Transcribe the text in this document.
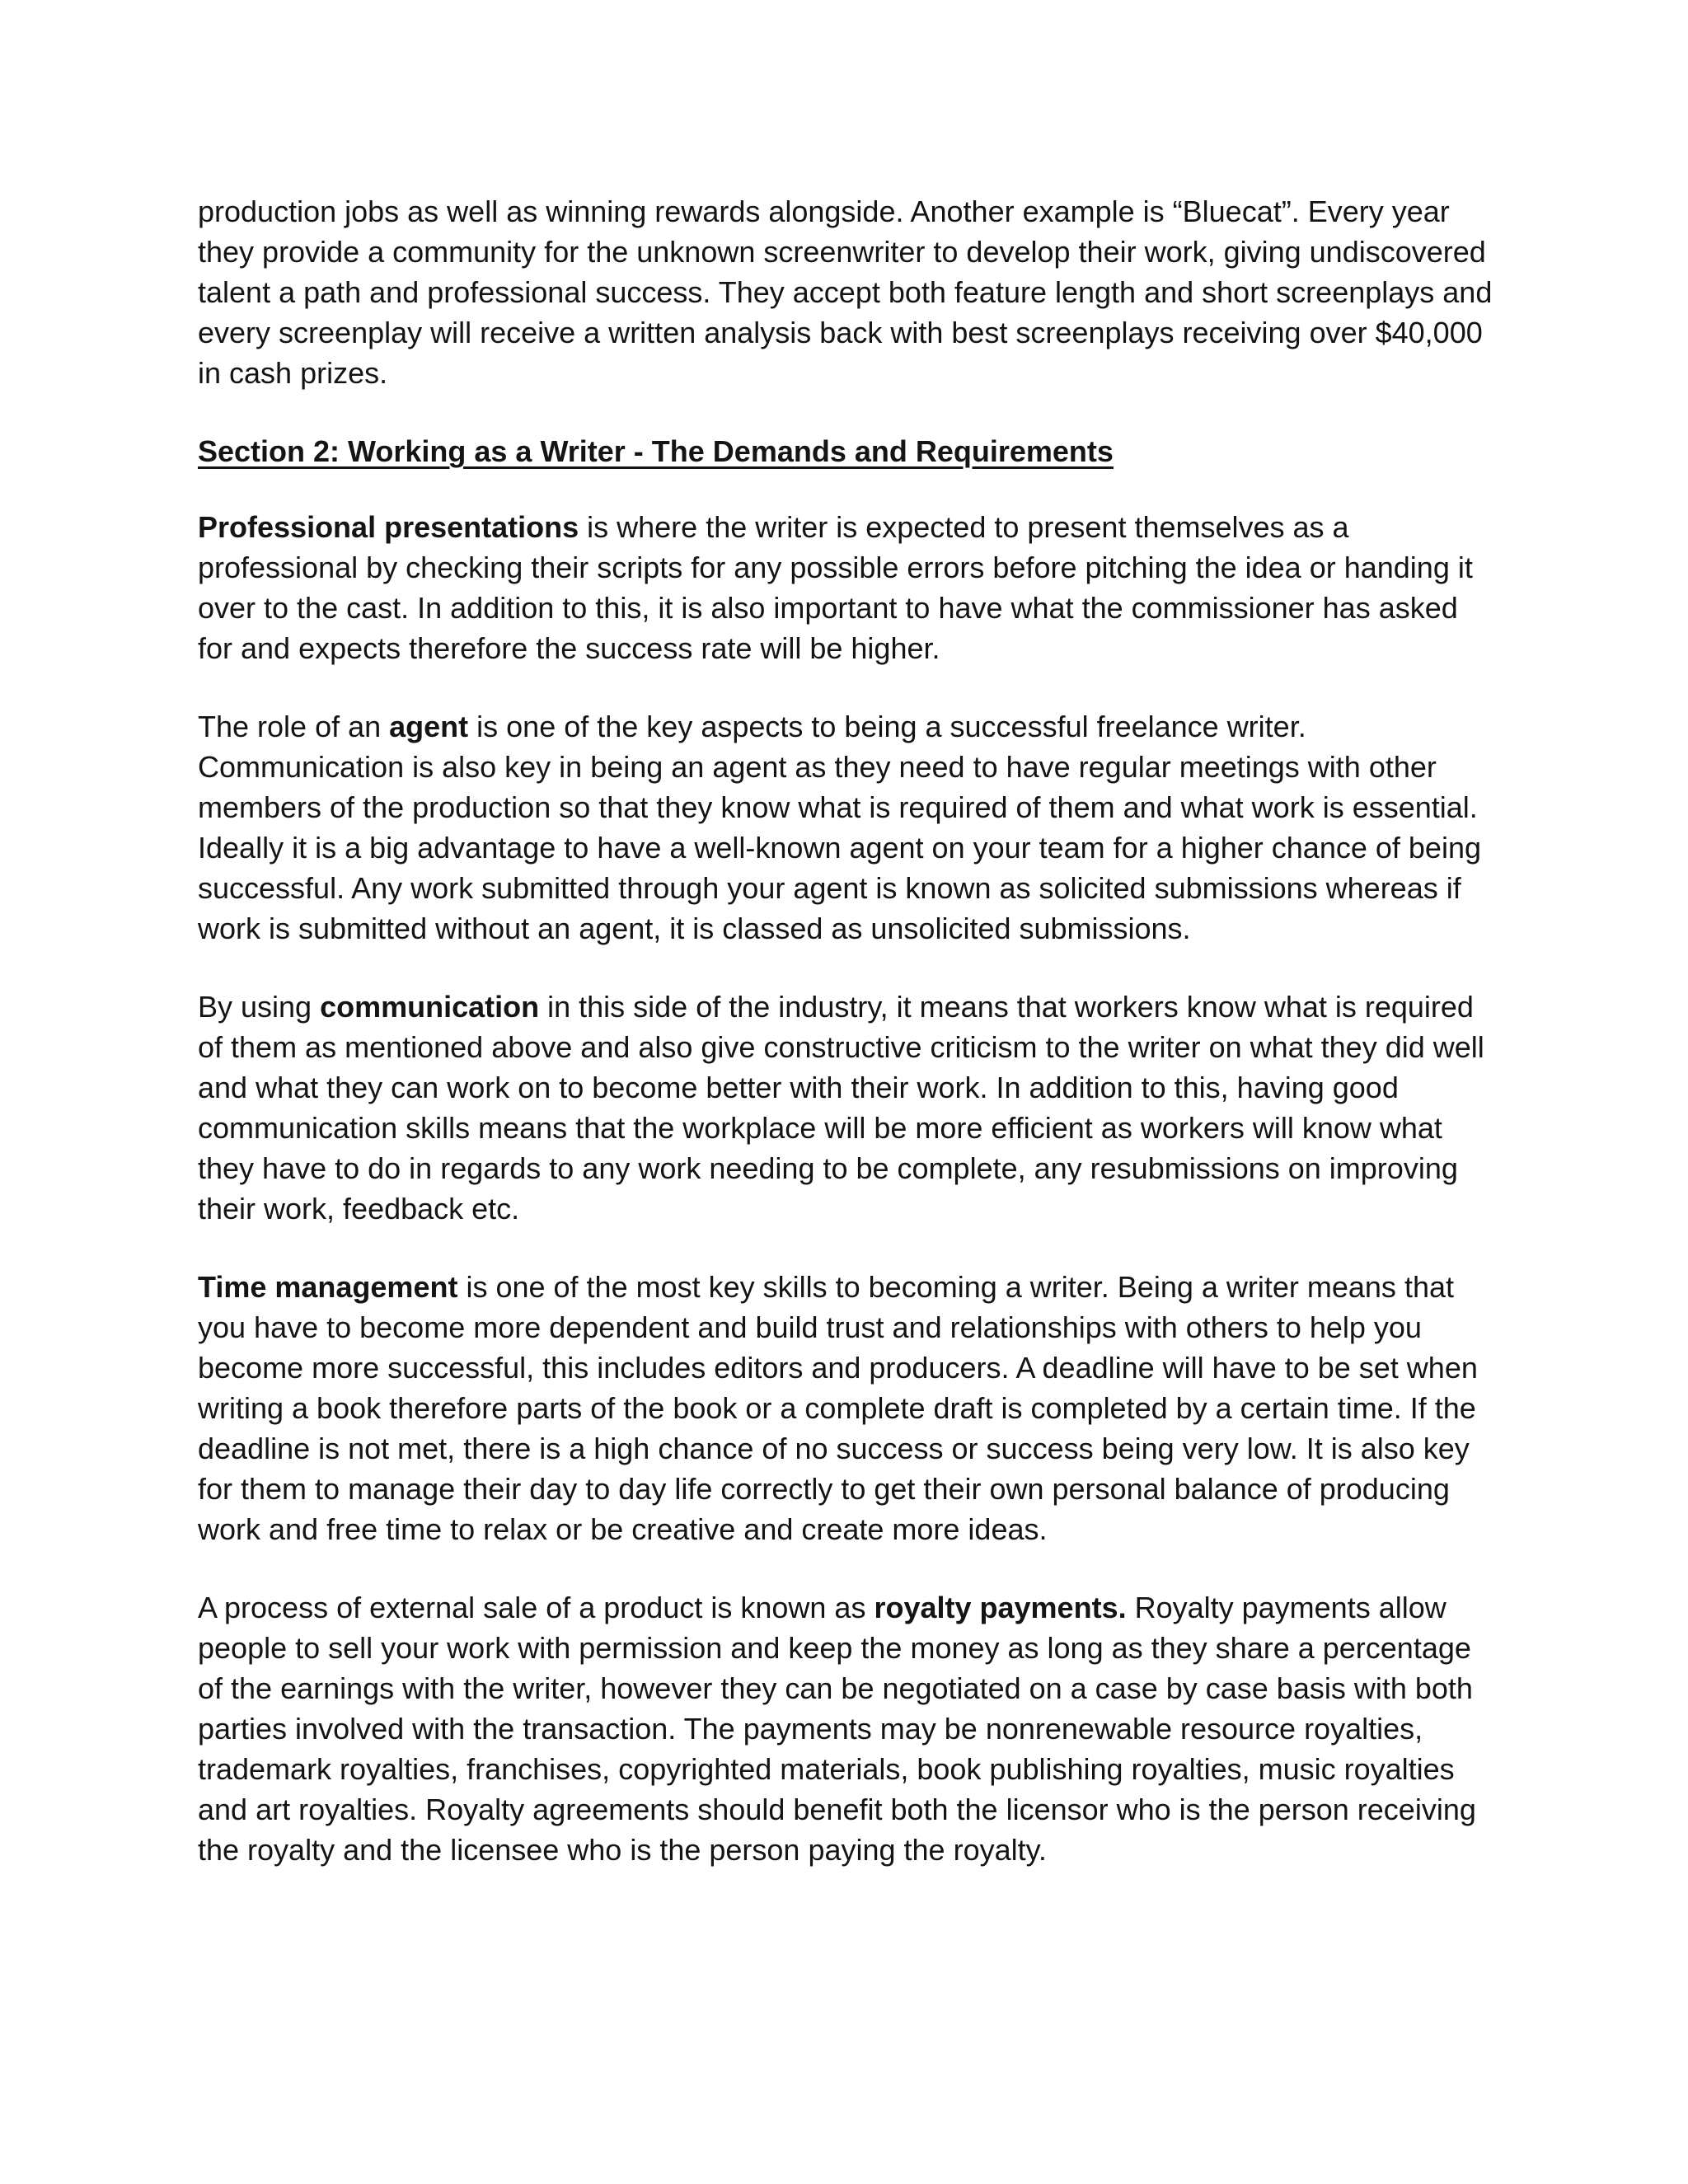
production jobs as well as winning rewards alongside. Another example is “Bluecat”. Every year they provide a community for the unknown screenwriter to develop their work, giving undiscovered talent a path and professional success. They accept both feature length and short screenplays and every screenplay will receive a written analysis back with best screenplays receiving over $40,000 in cash prizes.

Section 2: Working as a Writer - The Demands and Requirements

Professional presentations is where the writer is expected to present themselves as a professional by checking their scripts for any possible errors before pitching the idea or handing it over to the cast. In addition to this, it is also important to have what the commissioner has asked for and expects therefore the success rate will be higher.

The role of an agent is one of the key aspects to being a successful freelance writer. Communication is also key in being an agent as they need to have regular meetings with other members of the production so that they know what is required of them and what work is essential. Ideally it is a big advantage to have a well-known agent on your team for a higher chance of being successful. Any work submitted through your agent is known as solicited submissions whereas if work is submitted without an agent, it is classed as unsolicited submissions.

By using communication in this side of the industry, it means that workers know what is required of them as mentioned above and also give constructive criticism to the writer on what they did well and what they can work on to become better with their work. In addition to this, having good communication skills means that the workplace will be more efficient as workers will know what they have to do in regards to any work needing to be complete, any resubmissions on improving their work, feedback etc.

Time management is one of the most key skills to becoming a writer. Being a writer means that you have to become more dependent and build trust and relationships with others to help you become more successful, this includes editors and producers. A deadline will have to be set when writing a book therefore parts of the book or a complete draft is completed by a certain time. If the deadline is not met, there is a high chance of no success or success being very low. It is also key for them to manage their day to day life correctly to get their own personal balance of producing work and free time to relax or be creative and create more ideas.

A process of external sale of a product is known as royalty payments. Royalty payments allow people to sell your work with permission and keep the money as long as they share a percentage of the earnings with the writer, however they can be negotiated on a case by case basis with both parties involved with the transaction. The payments may be nonrenewable resource royalties, trademark royalties, franchises, copyrighted materials, book publishing royalties, music royalties and art royalties. Royalty agreements should benefit both the licensor who is the person receiving the royalty and the licensee who is the person paying the royalty.
